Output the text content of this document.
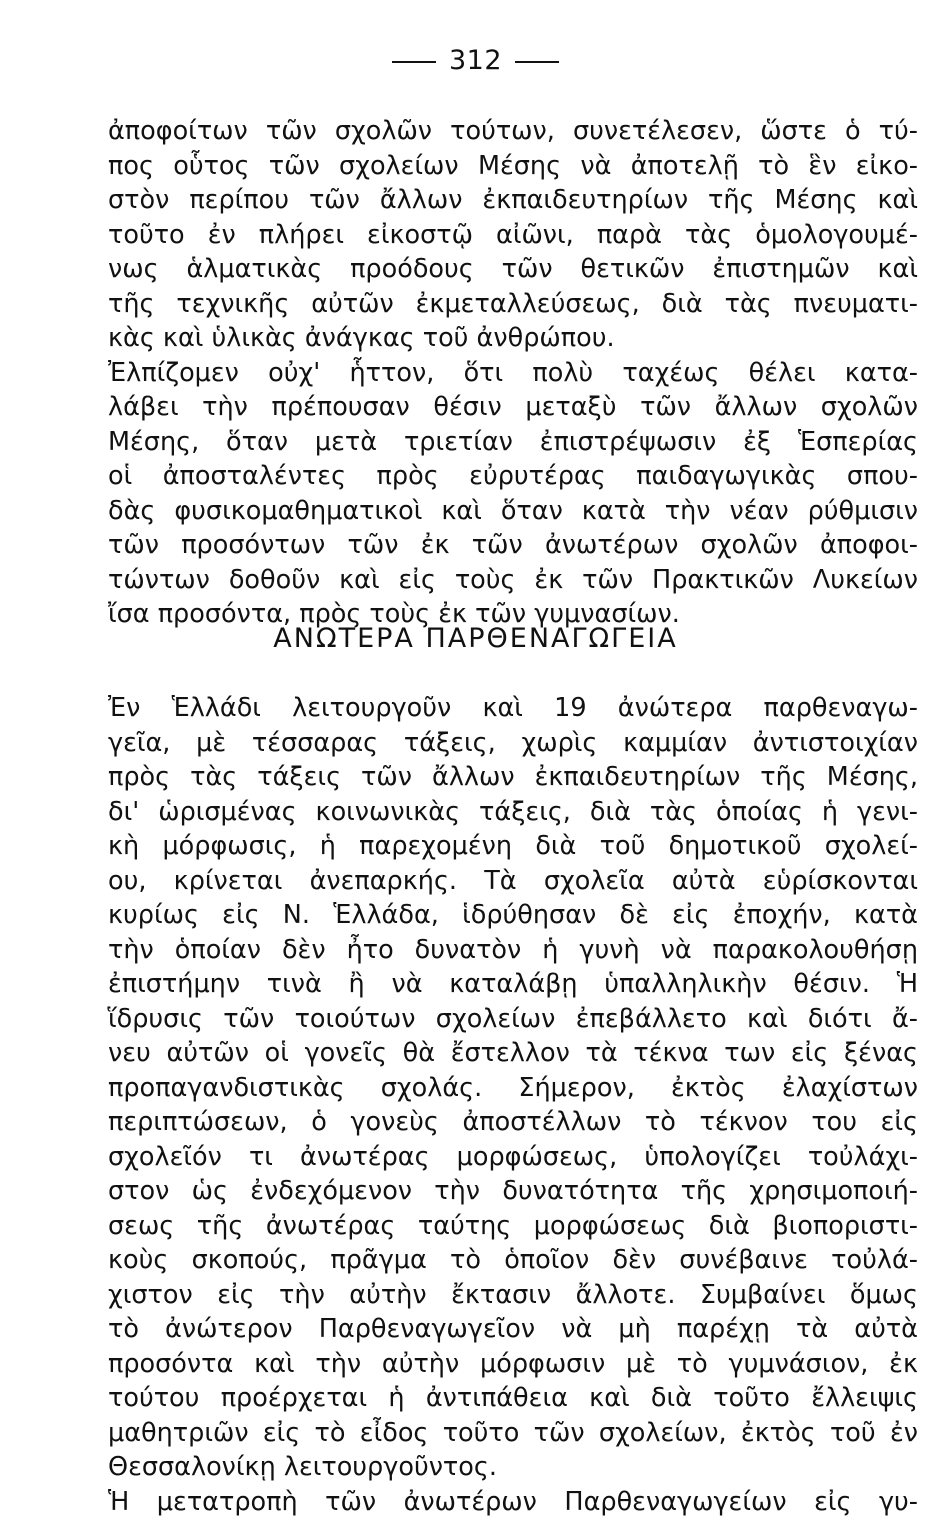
312
ἀποφοίτων τῶν σχολῶν τούτων, συνετέλεσεν, ὥστε ὁ τύ-
πος οὗτος τῶν σχολείων Μέσης νὰ ἀποτελῇ τὸ ἓν εἰκο-
στὸν περίπου τῶν ἄλλων ἐκπαιδευτηρίων τῆς Μέσης καὶ
τοῦτο ἐν πλήρει εἰκοστῷ αἰῶνι, παρὰ τὰς ὁμολογουμέ-
νως ἁλματικὰς προόδους τῶν θετικῶν ἐπιστημῶν καὶ
τῆς τεχνικῆς αὐτῶν ἐκμεταλλεύσεως, διὰ τὰς πνευματι-
κὰς καὶ ὑλικὰς ἀνάγκας τοῦ ἀνθρώπου.
Ἐλπίζομεν οὐχ' ἧττον, ὅτι πολὺ ταχέως θέλει κατα-
λάβει τὴν πρέπουσαν θέσιν μεταξὺ τῶν ἄλλων σχολῶν
Μέσης, ὅταν μετὰ τριετίαν ἐπιστρέψωσιν ἐξ Ἑσπερίας
οἱ ἀποσταλέντες πρὸς εὐρυτέρας παιδαγωγικὰς σπου-
δὰς φυσικομαθηματικοὶ καὶ ὅταν κατὰ τὴν νέαν ρύθμισιν
τῶν προσόντων τῶν ἐκ τῶν ἀνωτέρων σχολῶν ἀποφοι-
τώντων δοθοῦν καὶ εἰς τοὺς ἐκ τῶν Πρακτικῶν Λυκείων
ἴσα προσόντα, πρὸς τοὺς ἐκ τῶν γυμνασίων.
ΑΝΩΤΕΡΑ ΠΑΡΘΕΝΑΓΩΓΕΙΑ
Ἐν Ἑλλάδι λειτουργοῦν καὶ 19 ἀνώτερα παρθεναγω-
γεῖα, μὲ τέσσαρας τάξεις, χωρὶς καμμίαν ἀντιστοιχίαν
πρὸς τὰς τάξεις τῶν ἄλλων ἐκπαιδευτηρίων τῆς Μέσης,
δι' ὡρισμένας κοινωνικὰς τάξεις, διὰ τὰς ὁποίας ἡ γενι-
κὴ μόρφωσις, ἡ παρεχομένη διὰ τοῦ δημοτικοῦ σχολεί-
ου, κρίνεται ἀνεπαρκής. Τὰ σχολεῖα αὐτὰ εὑρίσκονται
κυρίως εἰς Ν. Ἑλλάδα, ἱδρύθησαν δὲ εἰς ἐποχήν, κατὰ
τὴν ὁποίαν δὲν ἦτο δυνατὸν ἡ γυνὴ νὰ παρακολουθήσῃ
ἐπιστήμην τινὰ ἢ νὰ καταλάβῃ ὑπαλληλικὴν θέσιν. Ἡ
ἵδρυσις τῶν τοιούτων σχολείων ἐπεβάλλετο καὶ διότι ἄ-
νευ αὐτῶν οἱ γονεῖς θὰ ἔστελλον τὰ τέκνα των εἰς ξένας
προπαγανδιστικὰς σχολάς. Σήμερον, ἐκτὸς ἐλαχίστων
περιπτώσεων, ὁ γονεὺς ἀποστέλλων τὸ τέκνον του εἰς
σχολεῖόν τι ἀνωτέρας μορφώσεως, ὑπολογίζει τοὐλάχι-
στον ὡς ἐνδεχόμενον τὴν δυνατότητα τῆς χρησιμοποιή-
σεως τῆς ἀνωτέρας ταύτης μορφώσεως διὰ βιοποριστι-
κοὺς σκοπούς, πρᾶγμα τὸ ὁποῖον δὲν συνέβαινε τοὐλά-
χιστον εἰς τὴν αὐτὴν ἔκτασιν ἄλλοτε. Συμβαίνει ὅμως
τὸ ἀνώτερον Παρθεναγωγεῖον νὰ μὴ παρέχῃ τὰ αὐτὰ
προσόντα καὶ τὴν αὐτὴν μόρφωσιν μὲ τὸ γυμνάσιον, ἐκ
τούτου προέρχεται ἡ ἀντιπάθεια καὶ διὰ τοῦτο ἔλλειψις
μαθητριῶν εἰς τὸ εἶδος τοῦτο τῶν σχολείων, ἐκτὸς τοῦ ἐν
Θεσσαλονίκῃ λειτουργοῦντος.
Ἡ μετατροπὴ τῶν ἀνωτέρων Παρθεναγωγείων εἰς γυ-
